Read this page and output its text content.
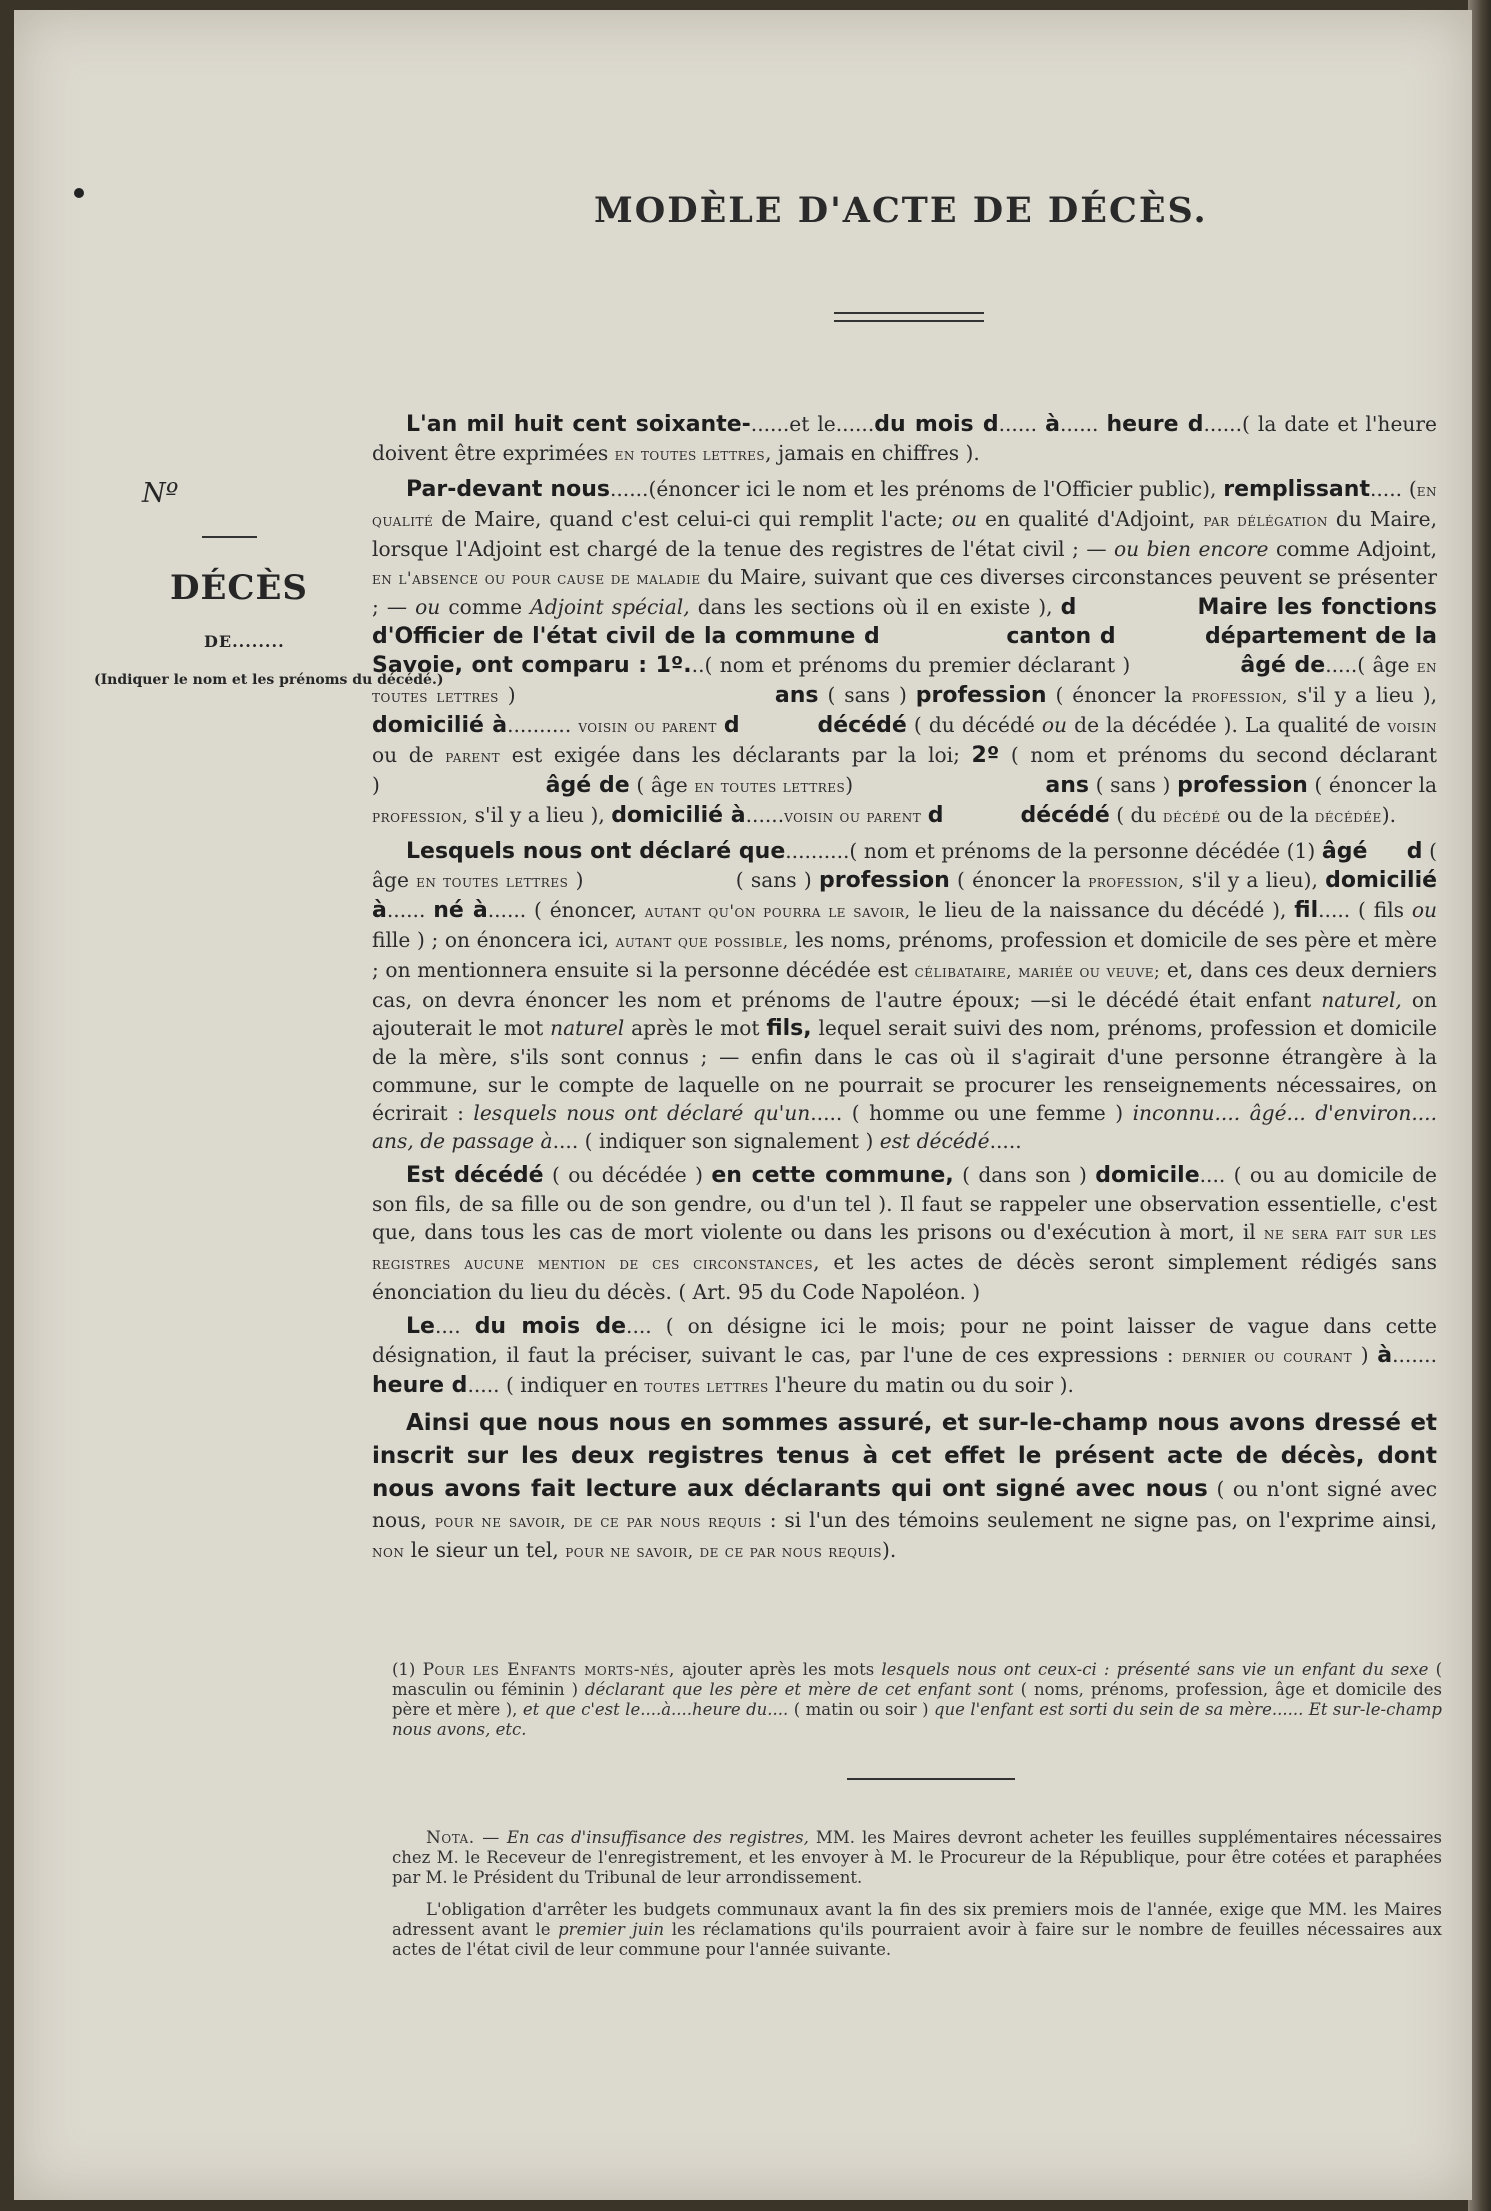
MODÈLE D'ACTE DE DÉCÈS.
Nº
DÉCÈS
DE........
(Indiquer le nom et les prénoms du décédé.)

L'an mil huit cent soixante-......et le......du mois d...... à...... heure d......( la date et l'heure doivent être exprimées en toutes lettres, jamais en chiffres ).

Par-devant nous......(énoncer ici le nom et les prénoms de l'Officier public), remplissant..... (en qualité de Maire, quand c'est celui-ci qui remplit l'acte; ou en qualité d'Adjoint, par délégation du Maire, lorsque l'Adjoint est chargé de la tenue des registres de l'état civil ; — ou bien encore comme Adjoint, en l'absence ou pour cause de maladie du Maire, suivant que ces diverses circonstances peuvent se présenter ; — ou comme Adjoint spécial, dans les sections où il en existe ), d	Maire les fonctions d'Officier de l'état civil de la commune d	canton d	département de la Savoie, ont comparu : 1º...( nom et prénoms du premier déclarant )	âgé de.....( âge en toutes lettres )	ans ( sans ) profession ( énoncer la profession, s'il y a lieu ), domicilié à.......... voisin ou parent d	décédé ( du décédé ou de la décédée ). La qualité de voisin ou de parent est exigée dans les déclarants par la loi; 2º ( nom et prénoms du second déclarant )	âgé de ( âge en toutes lettres)	ans ( sans ) profession ( énoncer la profession, s'il y a lieu ), domicilié à......voisin ou parent d	décédé ( du décédé ou de la décédée).

Lesquels nous ont déclaré que..........( nom et prénoms de la personne décédée (1) âgé d ( âge en toutes lettres )	( sans ) profession ( énoncer la profession, s'il y a lieu), domicilié à...... né à...... ( énoncer, autant qu'on pourra le savoir, le lieu de la naissance du décédé ), fil..... ( fils ou fille ) ; on énoncera ici, autant que possible, les noms, prénoms, profession et domicile de ses père et mère ; on mentionnera ensuite si la personne décédée est célibataire, mariée ou veuve; et, dans ces deux derniers cas, on devra énoncer les nom et prénoms de l'autre époux; —si le décédé était enfant naturel, on ajouterait le mot naturel après le mot fils, lequel serait suivi des nom, prénoms, profession et domicile de la mère, s'ils sont connus ; — enfin dans le cas où il s'agirait d'une personne étrangère à la commune, sur le compte de laquelle on ne pourrait se procurer les renseignements nécessaires, on écrirait : lesquels nous ont déclaré qu'un..... ( homme ou une femme ) inconnu.... âgé... d'environ.... ans, de passage à.... ( indiquer son signalement ) est décédé.....

Est décédé ( ou décédée ) en cette commune, ( dans son ) domicile.... ( ou au domicile de son fils, de sa fille ou de son gendre, ou d'un tel ). Il faut se rappeler une observation essentielle, c'est que, dans tous les cas de mort violente ou dans les prisons ou d'exécution à mort, il ne sera fait sur les registres aucune mention de ces circonstances, et les actes de décès seront simplement rédigés sans énonciation du lieu du décès. ( Art. 95 du Code Napoléon. )

Le.... du mois de.... ( on désigne ici le mois; pour ne point laisser de vague dans cette désignation, il faut la préciser, suivant le cas, par l'une de ces expressions : dernier ou courant ) à....... heure d..... ( indiquer en toutes lettres l'heure du matin ou du soir ).

Ainsi que nous nous en sommes assuré, et sur-le-champ nous avons dressé et inscrit sur les deux registres tenus à cet effet le présent acte de décès, dont nous avons fait lecture aux déclarants qui ont signé avec nous ( ou n'ont signé avec nous, pour ne savoir, de ce par nous requis : si l'un des témoins seulement ne signe pas, on l'exprime ainsi, non le sieur un tel, pour ne savoir, de ce par nous requis).

(1) Pour les Enfants morts-nés, ajouter après les mots lesquels nous ont ceux-ci : présenté sans vie un enfant du sexe ( masculin ou féminin ) déclarant que les père et mère de cet enfant sont ( noms, prénoms, profession, âge et domicile des père et mère ), et que c'est le....à....heure du.... ( matin ou soir ) que l'enfant est sorti du sein de sa mère...... Et sur-le-champ nous avons, etc.

Nota. — En cas d'insuffisance des registres, MM. les Maires devront acheter les feuilles supplémentaires nécessaires chez M. le Receveur de l'enregistrement, et les envoyer à M. le Procureur de la République, pour être cotées et paraphées par M. le Président du Tribunal de leur arrondissement.

L'obligation d'arrêter les budgets communaux avant la fin des six premiers mois de l'année, exige que MM. les Maires adressent avant le premier juin les réclamations qu'ils pourraient avoir à faire sur le nombre de feuilles nécessaires aux actes de l'état civil de leur commune pour l'année suivante.
